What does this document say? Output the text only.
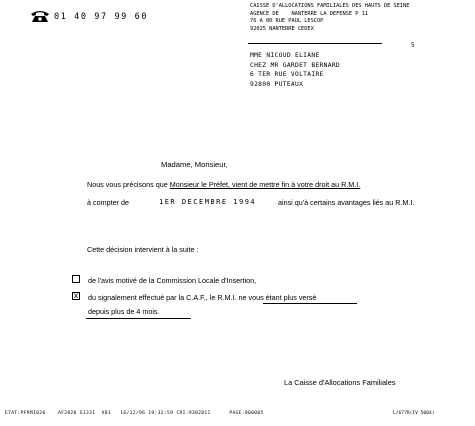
01 40 97 99 60
CAISSE D'ALLOCATIONS FAMILIALES DES HAUTS DE SEINE
AGENCE DE    NANTERRE LA DEFENSE P 11
76 A 80 RUE PAUL LESCOP
92025 NANTERRE CEDEX
5
MME NICOUD ELIANE
CHEZ MR GARDET BERNARD
6 TER RUE VOLTAIRE
92800 PUTEAUX
Madame, Monsieur,
Nous vous précisons que Monsieur le Préfet, vient de mettre fin à votre droit au R.M.I.
à compter de	1ER DECEMBRE 1994	ainsi qu'à certains avantages liés au R.M.I.
Cette décision intervient à la suite :
de l'avis motivé de la Commission Locale d'Insertion,
x du signalement effectué par la C.A.F., le R.M.I. ne vous étant plus versé
depuis plus de 4 mois.
La Caisse d'Allocations Familiales
ETAT:PFRMI020    AF2820 G1331  V01   16/12/96 19:32:59 CRI:9302811      PAGE:000005	L/677R(IV 5004)
